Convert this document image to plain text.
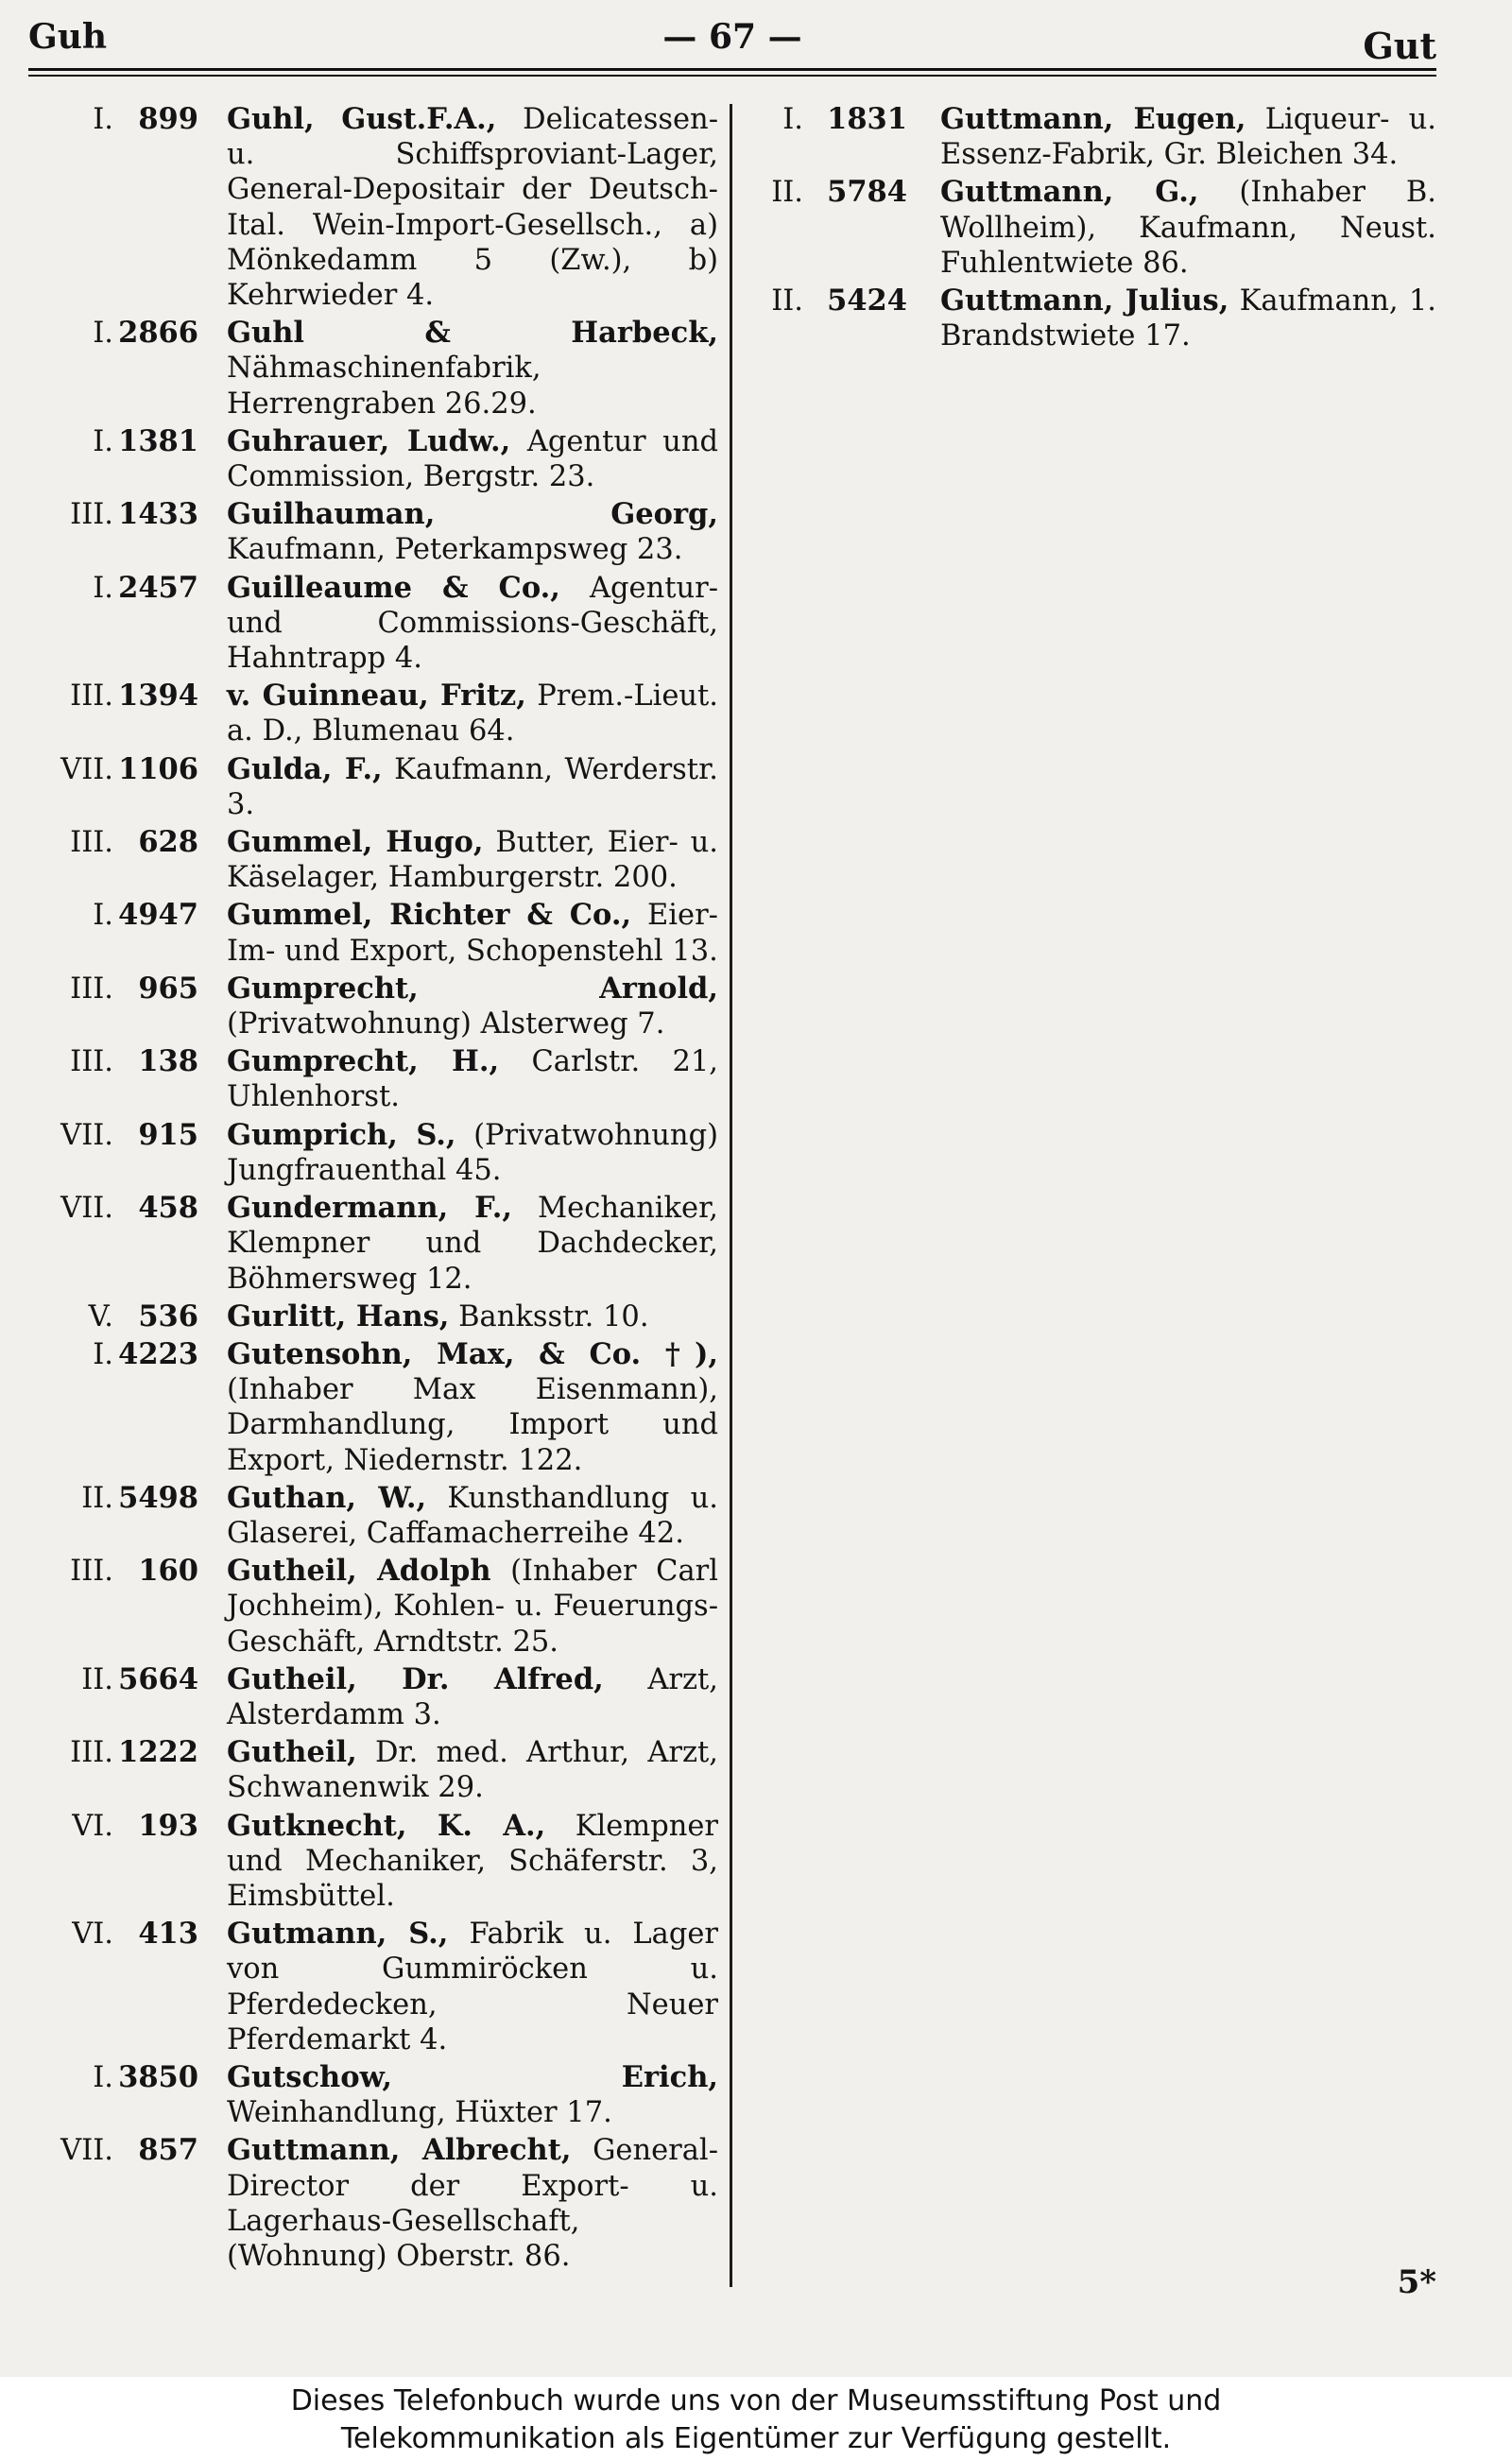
Guh	— 67 —	Gut
I. 899 Guhl, Gust.F.A., Delicatessen- u. Schiffsproviant-Lager, General-Depositair der Deutsch-Ital. Wein-Import-Gesellsch., a) Mönkedamm 5 (Zw.), b) Kehrwieder 4.
I. 2866 Guhl & Harbeck, Nähmaschinenfabrik, Herrengraben 26.29.
I. 1381 Guhrauer, Ludw., Agentur und Commission, Bergstr. 23.
III. 1433 Guilhauman, Georg, Kaufmann, Peterkampsweg 23.
I. 2457 Guilleaume & Co., Agentur- und Commissions-Geschäft, Hahntrapp 4.
III. 1394 v. Guinneau, Fritz, Prem.-Lieut. a. D., Blumenau 64.
VII. 1106 Gulda, F., Kaufmann, Werderstr. 3.
III. 628 Gummel, Hugo, Butter, Eier- u. Käselager, Hamburgerstr. 200.
I. 4947 Gummel, Richter & Co., Eier-Im- und Export, Schopenstehl 13.
III. 965 Gumprecht, Arnold, (Privatwohnung) Alsterweg 7.
III. 138 Gumprecht, H., Carlstr. 21, Uhlenhorst.
VII. 915 Gumprich, S., (Privatwohnung) Jungfrauenthal 45.
VII. 458 Gundermann, F., Mechaniker, Klempner und Dachdecker, Böhmersweg 12.
V. 536 Gurlitt, Hans, Banksstr. 10.
I. 4223 Gutensohn, Max, & Co. †), (Inhaber Max Eisenmann), Darmhandlung, Import und Export, Niedernstr. 122.
II. 5498 Guthan, W., Kunsthandlung u. Glaserei, Caffamacherreihe 42.
III. 160 Gutheil, Adolph (Inhaber Carl Jochheim), Kohlen- u. Feuerungs-Geschäft, Arndtstr. 25.
II. 5664 Gutheil, Dr. Alfred, Arzt, Alsterdamm 3.
III. 1222 Gutheil, Dr. med. Arthur, Arzt, Schwanenwik 29.
VI. 193 Gutknecht, K. A., Klempner und Mechaniker, Schäferstr. 3, Eimsbüttel.
VI. 413 Gutmann, S., Fabrik u. Lager von Gummiröcken u. Pferdedecken, Neuer Pferdemarkt 4.
I. 3850 Gutschow, Erich, Weinhandlung, Hüxter 17.
VII. 857 Guttmann, Albrecht, General-Director der Export- u. Lagerhaus-Gesellschaft, (Wohnung) Oberstr. 86.
I. 1831 Guttmann, Eugen, Liqueur- u. Essenz-Fabrik, Gr. Bleichen 34.
II. 5784 Guttmann, G., (Inhaber B. Wollheim), Kaufmann, Neust. Fuhlentwiete 86.
II. 5424 Guttmann, Julius, Kaufmann, 1. Brandstwiete 17.
5*
Dieses Telefonbuch wurde uns von der Museumsstiftung Post und
Telekommunikation als Eigentümer zur Verfügung gestellt.
